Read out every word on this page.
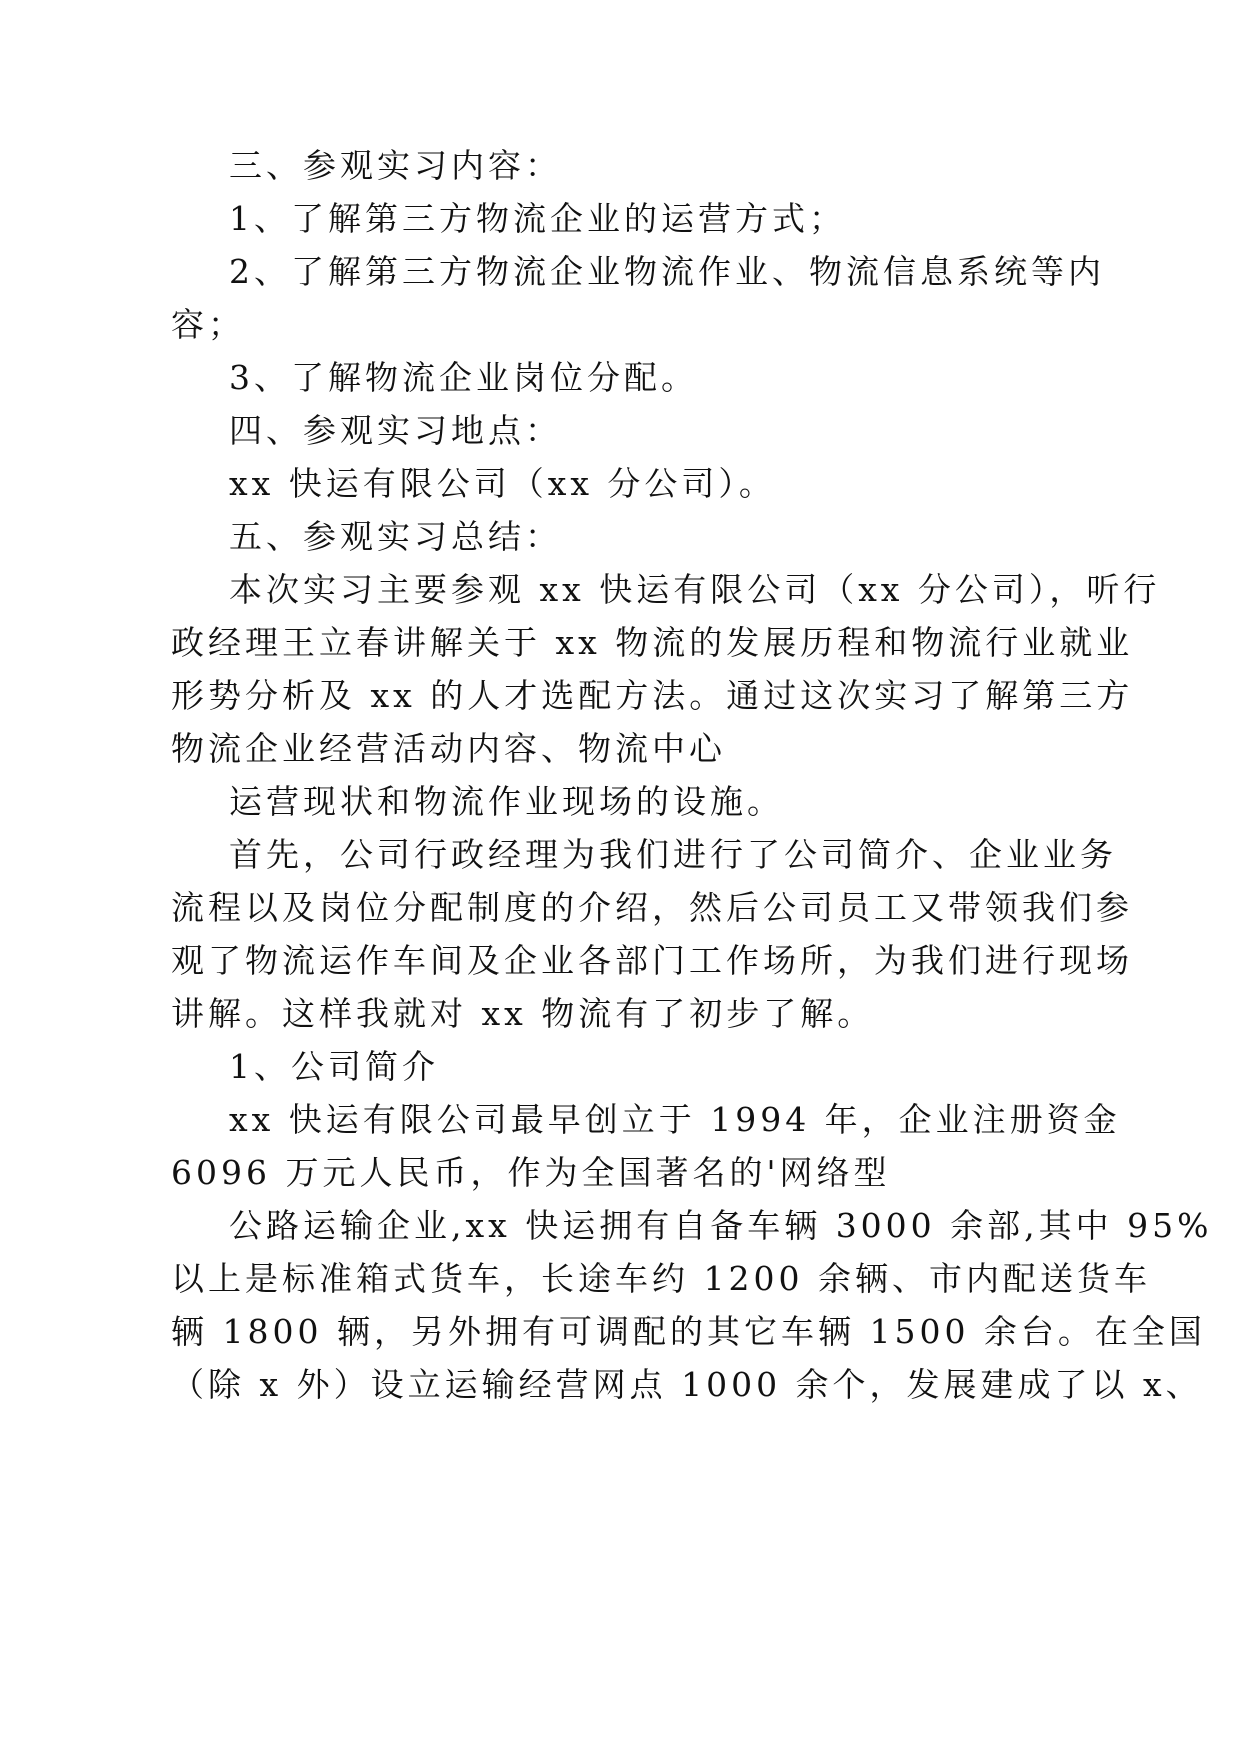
三、参观实习内容：
1、了解第三方物流企业的运营方式；
2、了解第三方物流企业物流作业、物流信息系统等内
容；
3、了解物流企业岗位分配。
四、参观实习地点：
xx 快运有限公司（xx 分公司）。
五、参观实习总结：
本次实习主要参观 xx 快运有限公司（xx 分公司），听行
政经理王立春讲解关于 xx 物流的发展历程和物流行业就业
形势分析及 xx 的人才选配方法。通过这次实习了解第三方
物流企业经营活动内容、物流中心
运营现状和物流作业现场的设施。
首先，公司行政经理为我们进行了公司简介、企业业务
流程以及岗位分配制度的介绍，然后公司员工又带领我们参
观了物流运作车间及企业各部门工作场所，为我们进行现场
讲解。这样我就对 xx 物流有了初步了解。
1、公司简介
xx 快运有限公司最早创立于 1994 年，企业注册资金
6096 万元人民币，作为全国著名的'网络型
公路运输企业,xx 快运拥有自备车辆 3000 余部,其中 95%
以上是标准箱式货车，长途车约 1200 余辆、市内配送货车
辆 1800 辆，另外拥有可调配的其它车辆 1500 余台。在全国
（除 x 外）设立运输经营网点 1000 余个，发展建成了以 x、
